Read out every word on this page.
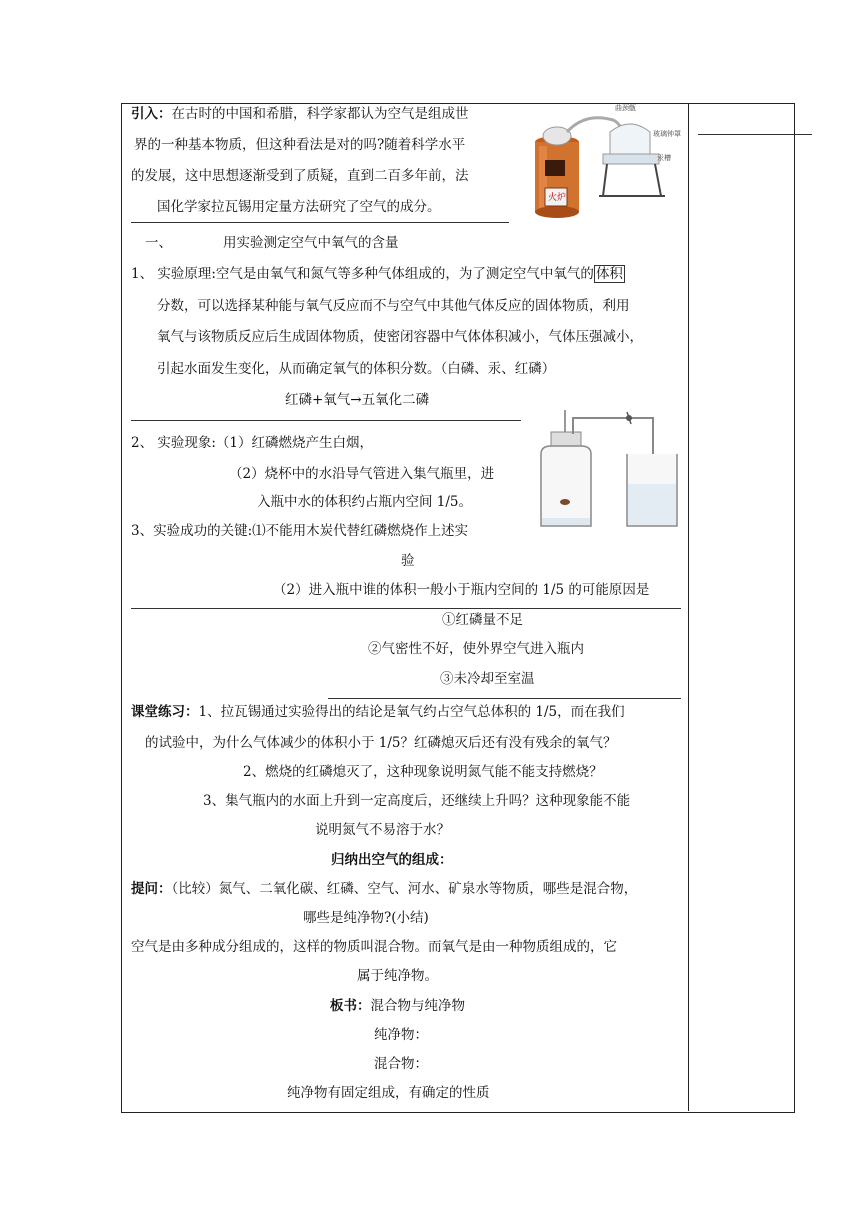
引入：在古时的中国和希腊，科学家都认为空气是组成世
界的一种基本物质，但这种看法是对的吗?随着科学水平
的发展，这中思想逐渐受到了质疑，直到二百多年前，法
国化学家拉瓦锡用定量方法研究了空气的成分。
火炉
曲颈甑
玻璃钟罩
汞槽
一、	用实验测定空气中氧气的含量
1、 实验原理:空气是由氧气和氮气等多种气体组成的，为了测定空气中氧气的 体积
分数，可以选择某种能与氧气反应而不与空气中其他气体反应的固体物质，利用
氧气与该物质反应后生成固体物质，使密闭容器中气体体积减小，气体压强减小，
引起水面发生变化，从而确定氧气的体积分数。（白磷、汞、红磷）
红磷+氧气→五氧化二磷
2、 实验现象:（1）红磷燃烧产生白烟，
（2）烧杯中的水沿导气管进入集气瓶里，进
入瓶中水的体积约占瓶内空间 1/5。
3、实验成功的关键:⑴不能用木炭代替红磷燃烧作上述实
验
（2）进入瓶中谁的体积一般小于瓶内空间的 1/5 的可能原因是
①红磷量不足
②气密性不好，使外界空气进入瓶内
③未冷却至室温
课堂练习：1、拉瓦锡通过实验得出的结论是氧气约占空气总体积的 1/5，而在我们
的试验中，为什么气体减少的体积小于 1/5？红磷熄灭后还有没有残余的氧气？
2、燃烧的红磷熄灭了，这种现象说明氮气能不能支持燃烧？
3、集气瓶内的水面上升到一定高度后，还继续上升吗？这种现象能不能
说明氮气不易溶于水？
归纳出空气的组成：
提问：（比较）氮气、二氧化碳、红磷、空气、河水、矿泉水等物质，哪些是混合物，
哪些是纯净物?(小结)
空气是由多种成分组成的，这样的物质叫混合物。而氧气是由一种物质组成的，它
属于纯净物。
板书：混合物与纯净物
纯净物：
混合物：
纯净物有固定组成，有确定的性质
